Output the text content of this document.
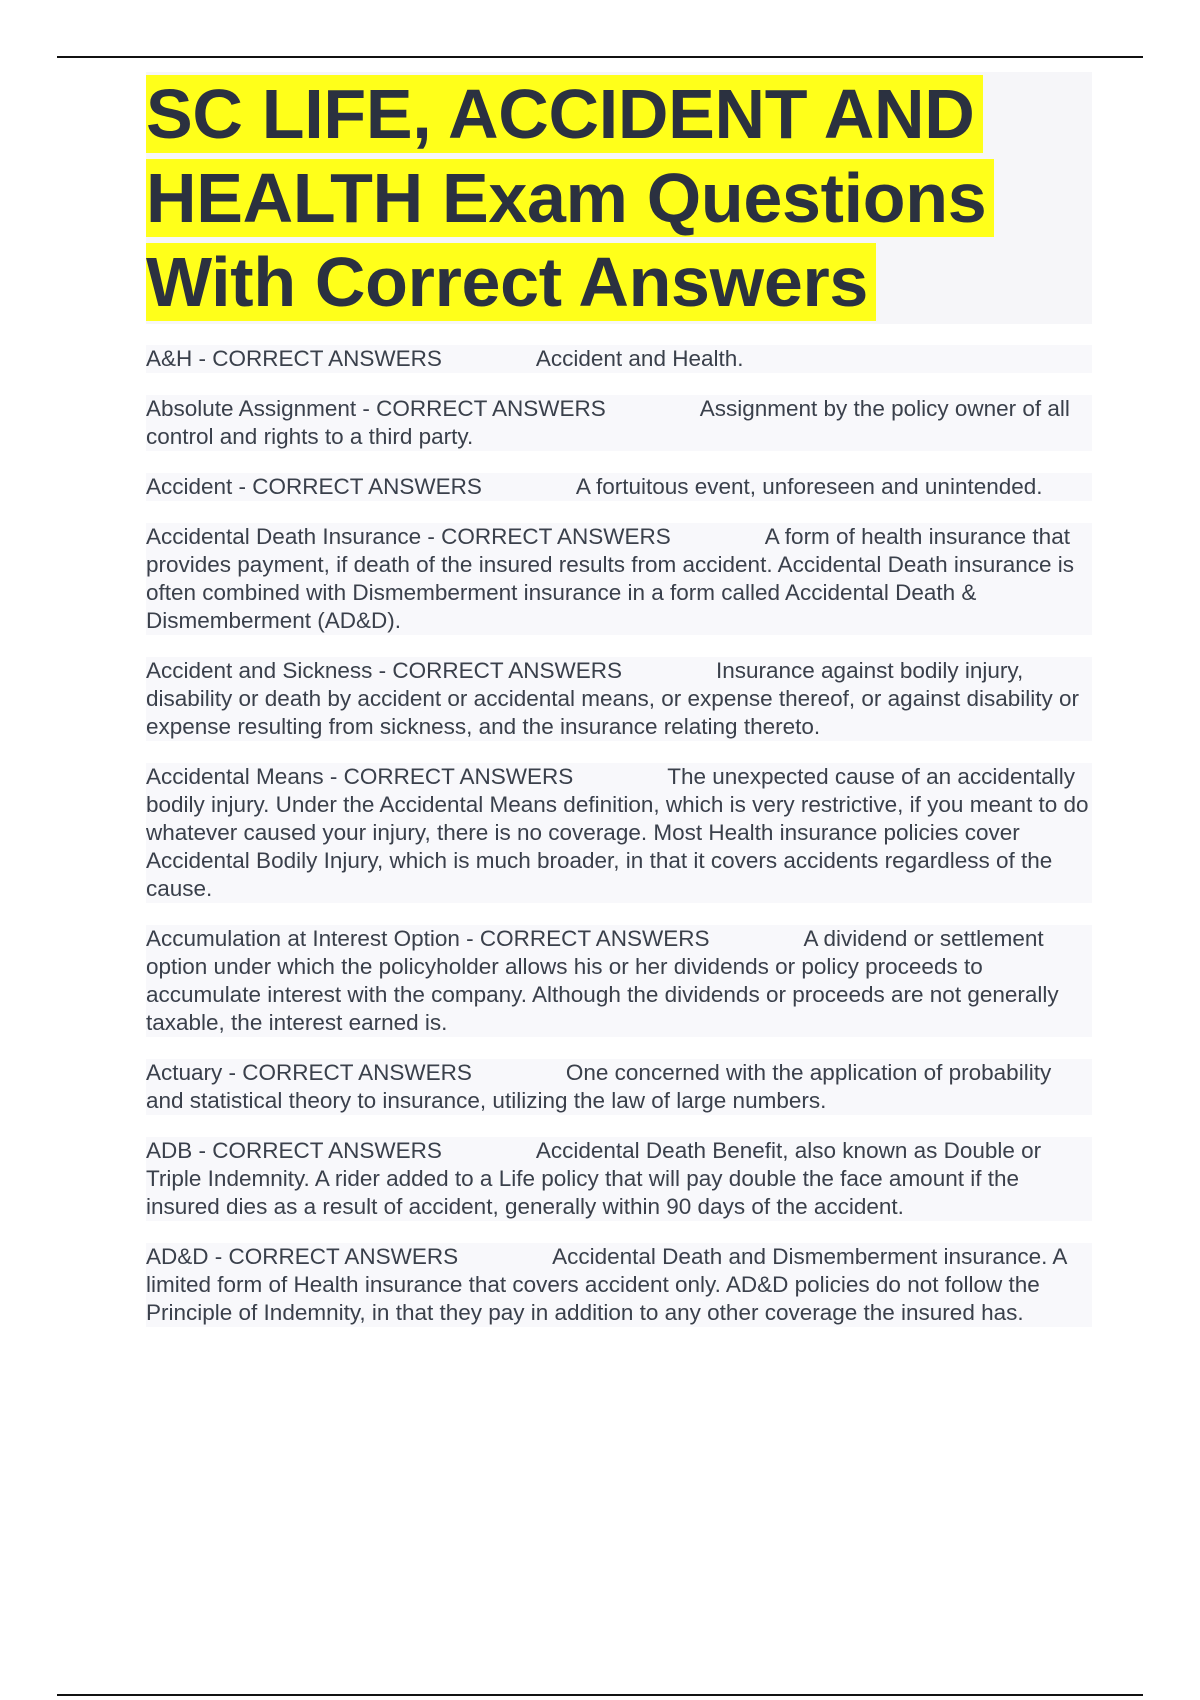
SC LIFE, ACCIDENT AND
HEALTH Exam Questions
With Correct Answers

A&H - CORRECT ANSWERS	Accident and Health.

Absolute Assignment - CORRECT ANSWERS	Assignment by the policy owner of all control and rights to a third party.

Accident - CORRECT ANSWERS	A fortuitous event, unforeseen and unintended.

Accidental Death Insurance - CORRECT ANSWERS	A form of health insurance that provides payment, if death of the insured results from accident. Accidental Death insurance is often combined with Dismemberment insurance in a form called Accidental Death & Dismemberment (AD&D).

Accident and Sickness - CORRECT ANSWERS	Insurance against bodily injury, disability or death by accident or accidental means, or expense thereof, or against disability or expense resulting from sickness, and the insurance relating thereto.

Accidental Means - CORRECT ANSWERS	The unexpected cause of an accidentally bodily injury. Under the Accidental Means definition, which is very restrictive, if you meant to do whatever caused your injury, there is no coverage. Most Health insurance policies cover Accidental Bodily Injury, which is much broader, in that it covers accidents regardless of the cause.

Accumulation at Interest Option - CORRECT ANSWERS	A dividend or settlement option under which the policyholder allows his or her dividends or policy proceeds to accumulate interest with the company. Although the dividends or proceeds are not generally taxable, the interest earned is.

Actuary - CORRECT ANSWERS	One concerned with the application of probability and statistical theory to insurance, utilizing the law of large numbers.

ADB - CORRECT ANSWERS	Accidental Death Benefit, also known as Double or Triple Indemnity. A rider added to a Life policy that will pay double the face amount if the insured dies as a result of accident, generally within 90 days of the accident.

AD&D - CORRECT ANSWERS	Accidental Death and Dismemberment insurance. A limited form of Health insurance that covers accident only. AD&D policies do not follow the Principle of Indemnity, in that they pay in addition to any other coverage the insured has.
